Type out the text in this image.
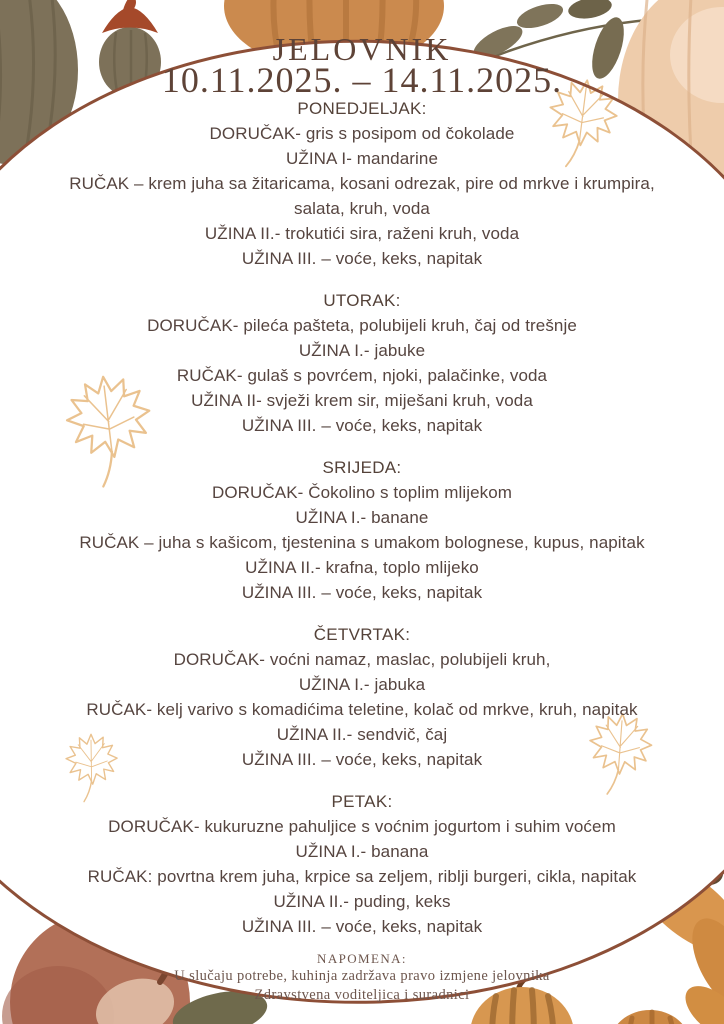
JELOVNIK
10.11.2025. – 14.11.2025.
PONEDJELJAK:

DORUČAK- gris s posipom od čokolade

UŽINA I- mandarine

RUČAK – krem juha sa žitaricama, kosani odrezak, pire od mrkve i krumpira,

salata, kruh, voda

UŽINA II.- trokutići sira, raženi kruh, voda

UŽINA III. – voće, keks, napitak

UTORAK:

DORUČAK- pileća pašteta, polubijeli kruh, čaj od trešnje

UŽINA I.- jabuke

RUČAK- gulaš s povrćem, njoki, palačinke, voda

UŽINA II- svježi krem sir, miješani kruh, voda

UŽINA III. – voće, keks, napitak

SRIJEDA:

DORUČAK- Čokolino s toplim mlijekom

UŽINA I.- banane

RUČAK – juha s kašicom, tjestenina s umakom bolognese, kupus, napitak

UŽINA II.- krafna, toplo mlijeko

UŽINA III. – voće, keks, napitak

ČETVRTAK:

DORUČAK- voćni namaz, maslac, polubijeli kruh,

UŽINA I.- jabuka

RUČAK- kelj varivo s komadićima teletine, kolač od mrkve, kruh, napitak

UŽINA II.- sendvič, čaj

UŽINA III. – voće, keks, napitak

PETAK:

DORUČAK- kukuruzne pahuljice s voćnim jogurtom i suhim voćem

UŽINA I.- banana

RUČAK: povrtna krem juha, krpice sa zeljem, riblji burgeri, cikla, napitak

UŽINA II.- puding, keks

UŽINA III. – voće, keks, napitak

NAPOMENA:
U slučaju potrebe, kuhinja zadržava pravo izmjene jelovnika
Zdravstvena voditeljica i suradnici
